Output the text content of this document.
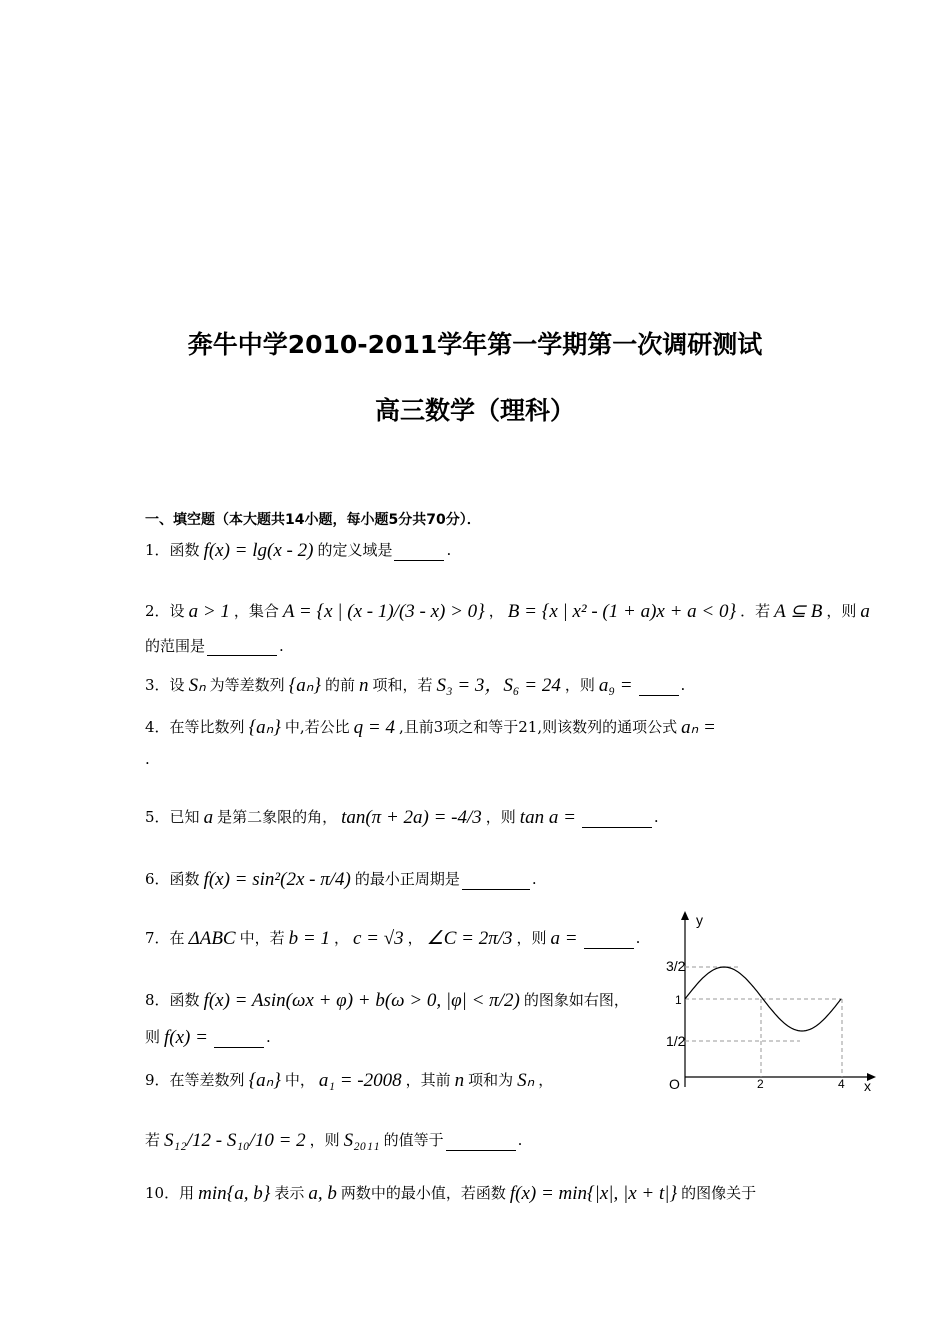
奔牛中学2010-2011学年第一学期第一次调研测试
高三数学（理科）
一、填空题（本大题共14小题，每小题5分共70分）．
1．函数 f(x) = lg(x - 2) 的定义域是	.
2．设 a > 1 ，集合 A = {x | (x - 1)/(3 - x) > 0} ， B = {x | x² - (1 + a)x + a < 0} ．若 A ⊆ B ，则 a
的范围是	.
3．设 Sₙ 为等差数列 {aₙ} 的前 n 项和，若 S₃ = 3，S₆ = 24 ，则 a₉ =	.
4．在等比数列 {aₙ} 中,若公比 q = 4 ,且前3项之和等于21,则该数列的通项公式 aₙ =
.
5．已知 a 是第二象限的角， tan(π + 2a) = -4/3 ，则 tan a =	.
6．函数 f(x) = sin²(2x - π/4) 的最小正周期是	.
7．在 ΔABC 中，若 b = 1 ， c = √3 ， ∠C = 2π/3 ，则 a =	.
8．函数 f(x) = Asin(ωx + φ) + b(ω > 0, |φ| < π/2) 的图象如右图，
则 f(x) =	.
9．在等差数列 {aₙ} 中， a₁ = -2008 ，其前 n 项和为 Sₙ ，
若 S₁₂/12 - S₁₀/10 = 2 ，则 S₂₀₁₁ 的值等于	.
10．用 min{a, b} 表示 a, b 两数中的最小值，若函数 f(x) = min{|x|, |x + t|} 的图像关于
y
x
O
3/2
1
1/2
2	4
